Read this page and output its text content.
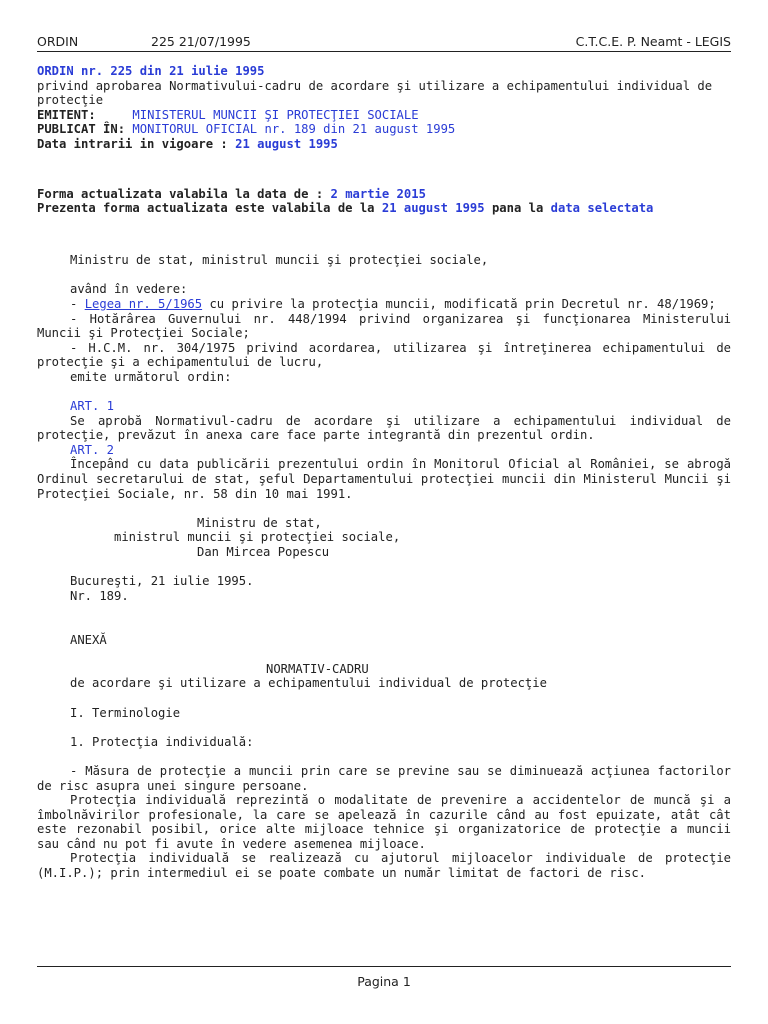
ORDIN	225 21/07/1995	C.T.C.E. P. Neamt - LEGIS

ORDIN nr. 225 din 21 iulie 1995

privind aprobarea Normativului-cadru de acordare şi utilizare a echipamentului individual de protecţie

EMITENT:	MINISTERUL MUNCII ŞI PROTECŢIEI SOCIALE

PUBLICAT ÎN: MONITORUL OFICIAL nr. 189 din 21 august 1995

Data intrarii in vigoare : 21 august 1995

Forma actualizata valabila la data de : 2 martie 2015

Prezenta forma actualizata este valabila de la 21 august 1995 pana la data selectata

Ministru de stat, ministrul muncii şi protecţiei sociale,

având în vedere:

- Legea nr. 5/1965 cu privire la protecţia muncii, modificată prin Decretul nr. 48/1969;

- Hotărârea Guvernului nr. 448/1994 privind organizarea şi funcţionarea Ministerului Muncii şi Protecţiei Sociale;

- H.C.M. nr. 304/1975 privind acordarea, utilizarea şi întreţinerea echipamentului de protecţie şi a echipamentului de lucru,

emite următorul ordin:

ART. 1

Se aprobă Normativul-cadru de acordare şi utilizare a echipamentului individual de protecţie, prevăzut în anexa care face parte integrantă din prezentul ordin.

ART. 2

Începând cu data publicării prezentului ordin în Monitorul Oficial al României, se abrogă Ordinul secretarului de stat, şeful Departamentului protecţiei muncii din Ministerul Muncii şi Protecţiei Sociale, nr. 58 din 10 mai 1991.

Ministru de stat,

ministrul muncii şi protecţiei sociale,

Dan Mircea Popescu

Bucureşti, 21 iulie 1995.

Nr. 189.

ANEXĂ

NORMATIV-CADRU

de acordare şi utilizare a echipamentului individual de protecţie

I. Terminologie

1. Protecţia individuală:

- Măsura de protecţie a muncii prin care se previne sau se diminuează acţiunea factorilor de risc asupra unei singure persoane.

Protecţia individuală reprezintă o modalitate de prevenire a accidentelor de muncă şi a îmbolnăvirilor profesionale, la care se apelează în cazurile când au fost epuizate, atât cât este rezonabil posibil, orice alte mijloace tehnice şi organizatorice de protecţie a muncii sau când nu pot fi avute în vedere asemenea mijloace.

Protecţia individuală se realizează cu ajutorul mijloacelor individuale de protecţie (M.I.P.); prin intermediul ei se poate combate un număr limitat de factori de risc.

Pagina 1
